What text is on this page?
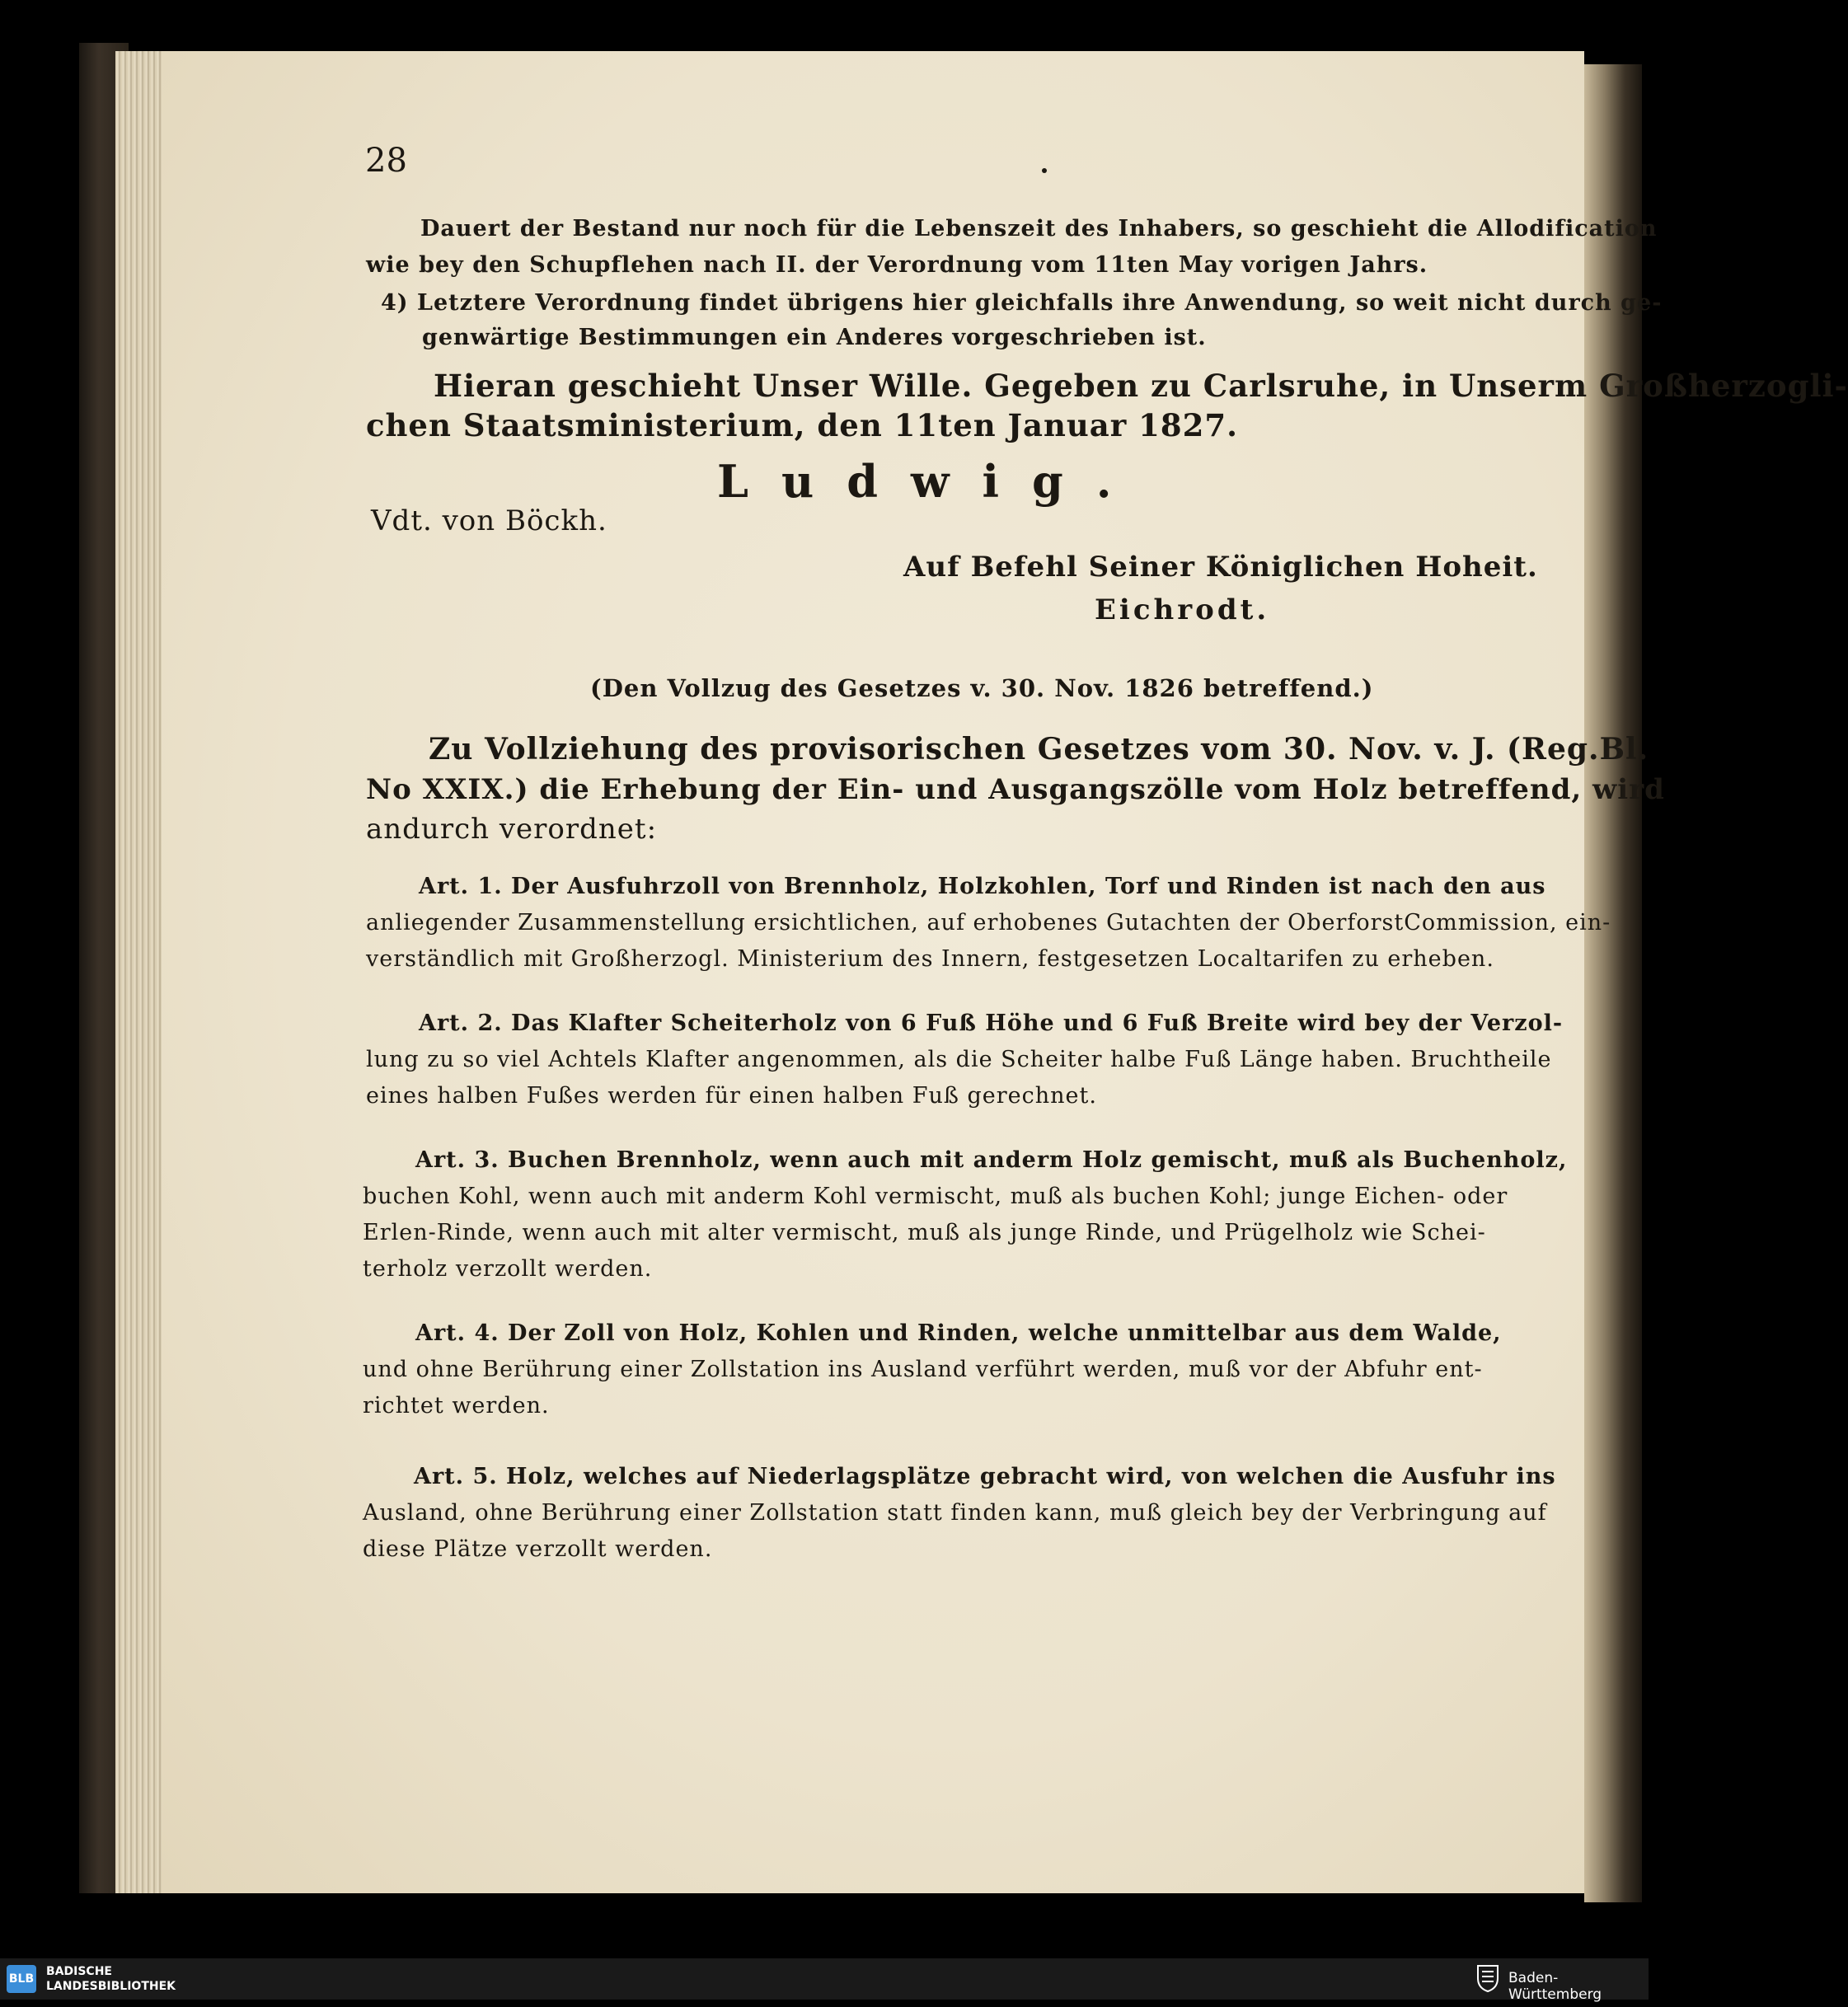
28
Dauert der Bestand nur noch für die Lebenszeit des Inhabers, so geschieht die Allodification
wie bey den Schupflehen nach II. der Verordnung vom 11ten May vorigen Jahrs.
4) Letztere Verordnung findet übrigens hier gleichfalls ihre Anwendung, so weit nicht durch ge-
genwärtige Bestimmungen ein Anderes vorgeschrieben ist.
Hieran geschieht Unser Wille. Gegeben zu Carlsruhe, in Unserm Großherzogli-
chen Staatsministerium, den 11ten Januar 1827.
Ludwig.
Vdt. von Böckh.
Auf Befehl Seiner Königlichen Hoheit.
Eichrodt.
(Den Vollzug des Gesetzes v. 30. Nov. 1826 betreffend.)
Zu Vollziehung des provisorischen Gesetzes vom 30. Nov. v. J. (Reg.Bl.
No XXIX.) die Erhebung der Ein- und Ausgangszölle vom Holz betreffend, wird
andurch verordnet:
Art. 1. Der Ausfuhrzoll von Brennholz, Holzkohlen, Torf und Rinden ist nach den aus
anliegender Zusammenstellung ersichtlichen, auf erhobenes Gutachten der OberforstCommission, ein-
verständlich mit Großherzogl. Ministerium des Innern, festgesetzen Localtarifen zu erheben.
Art. 2. Das Klafter Scheiterholz von 6 Fuß Höhe und 6 Fuß Breite wird bey der Verzol-
lung zu so viel Achtels Klafter angenommen, als die Scheiter halbe Fuß Länge haben. Bruchtheile
eines halben Fußes werden für einen halben Fuß gerechnet.
Art. 3. Buchen Brennholz, wenn auch mit anderm Holz gemischt, muß als Buchenholz,
buchen Kohl, wenn auch mit anderm Kohl vermischt, muß als buchen Kohl; junge Eichen- oder
Erlen-Rinde, wenn auch mit alter vermischt, muß als junge Rinde, und Prügelholz wie Schei-
terholz verzollt werden.
Art. 4. Der Zoll von Holz, Kohlen und Rinden, welche unmittelbar aus dem Walde,
und ohne Berührung einer Zollstation ins Ausland verführt werden, muß vor der Abfuhr ent-
richtet werden.
Art. 5. Holz, welches auf Niederlagsplätze gebracht wird, von welchen die Ausfuhr ins
Ausland, ohne Berührung einer Zollstation statt finden kann, muß gleich bey der Verbringung auf
diese Plätze verzollt werden.
BLB
BADISCHE
LANDESBIBLIOTHEK	Baden-Württemberg
